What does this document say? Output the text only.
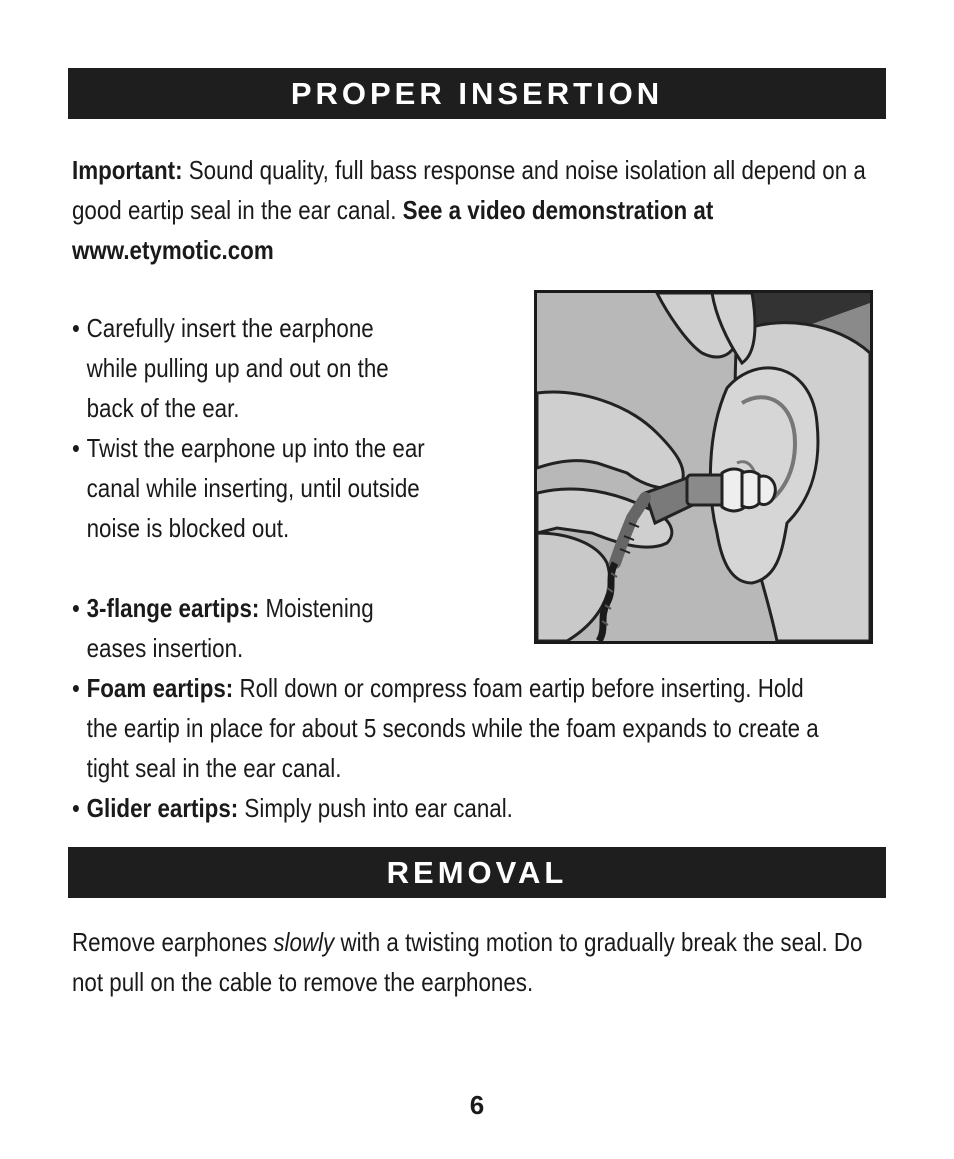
PROPER INSERTION

Important: Sound quality, full bass response and noise isolation all depend on a good eartip seal in the ear canal. See a video demonstration at www.etymotic.com

• Carefully insert the earphone while pulling up and out on the back of the ear.
• Twist the earphone up into the ear canal while inserting, until outside noise is blocked out.
• 3-flange eartips: Moistening eases insertion.
• Foam eartips: Roll down or compress foam eartip before inserting. Hold the eartip in place for about 5 seconds while the foam expands to create a tight seal in the ear canal.
• Glider eartips: Simply push into ear canal.
REMOVAL

Remove earphones slowly with a twisting motion to gradually break the seal. Do not pull on the cable to remove the earphones.

6
